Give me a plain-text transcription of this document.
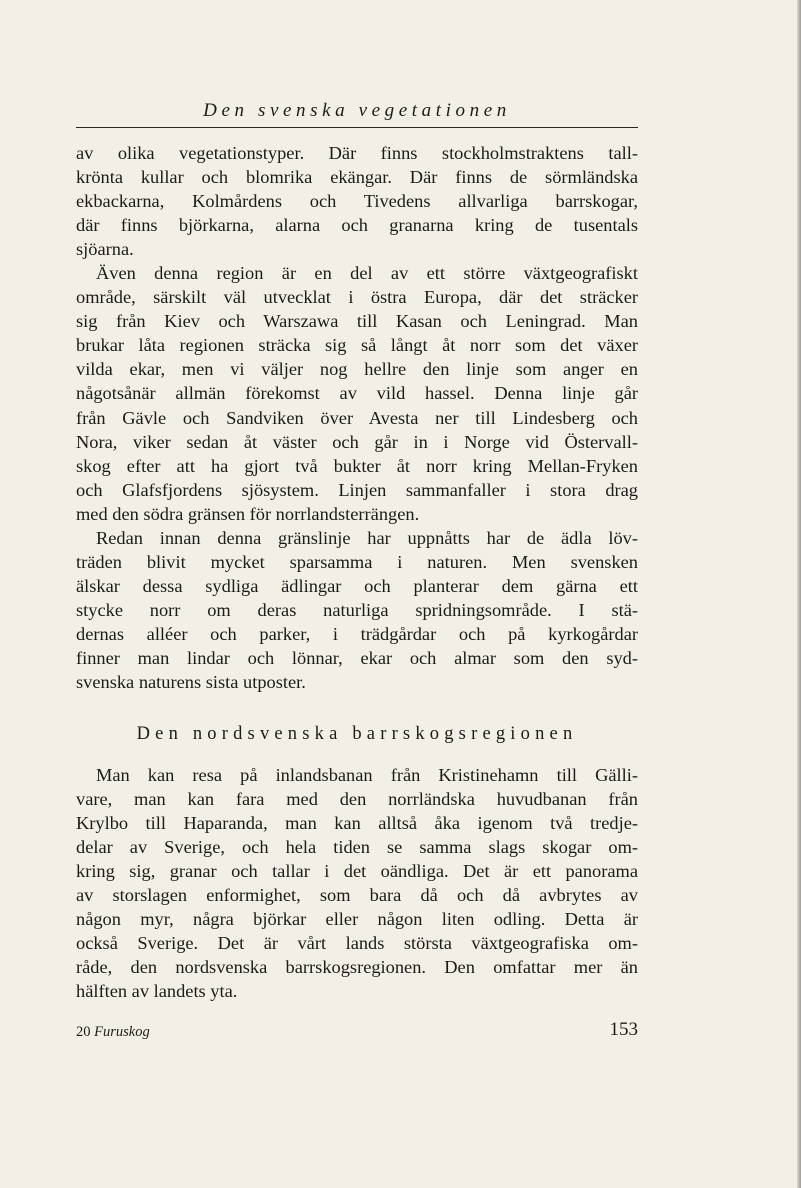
Den svenska vegetationen
av olika vegetationstyper. Där finns stockholmstraktens tall-
krönta kullar och blomrika ekängar. Där finns de sörmländska
ekbackarna, Kolmårdens och Tivedens allvarliga barrskogar,
där finns björkarna, alarna och granarna kring de tusentals
sjöarna.
Även denna region är en del av ett större växtgeografiskt
område, särskilt väl utvecklat i östra Europa, där det sträcker
sig från Kiev och Warszawa till Kasan och Leningrad. Man
brukar låta regionen sträcka sig så långt åt norr som det växer
vilda ekar, men vi väljer nog hellre den linje som anger en
någotsånär allmän förekomst av vild hassel. Denna linje går
från Gävle och Sandviken över Avesta ner till Lindesberg och
Nora, viker sedan åt väster och går in i Norge vid Östervall-
skog efter att ha gjort två bukter åt norr kring Mellan-Fryken
och Glafsfjordens sjösystem. Linjen sammanfaller i stora drag
med den södra gränsen för norrlandsterrängen.
Redan innan denna gränslinje har uppnåtts har de ädla löv-
träden blivit mycket sparsamma i naturen. Men svensken
älskar dessa sydliga ädlingar och planterar dem gärna ett
stycke norr om deras naturliga spridningsområde. I stä-
dernas alléer och parker, i trädgårdar och på kyrkogårdar
finner man lindar och lönnar, ekar och almar som den syd-
svenska naturens sista utposter.
Den nordsvenska barrskogsregionen
Man kan resa på inlandsbanan från Kristinehamn till Gälli-
vare, man kan fara med den norrländska huvudbanan från
Krylbo till Haparanda, man kan alltså åka igenom två tredje-
delar av Sverige, och hela tiden se samma slags skogar om-
kring sig, granar och tallar i det oändliga. Det är ett panorama
av storslagen enformighet, som bara då och då avbrytes av
någon myr, några björkar eller någon liten odling. Detta är
också Sverige. Det är vårt lands största växtgeografiska om-
råde, den nordsvenska barrskogsregionen. Den omfattar mer än
hälften av landets yta.
20 Furuskog	153
